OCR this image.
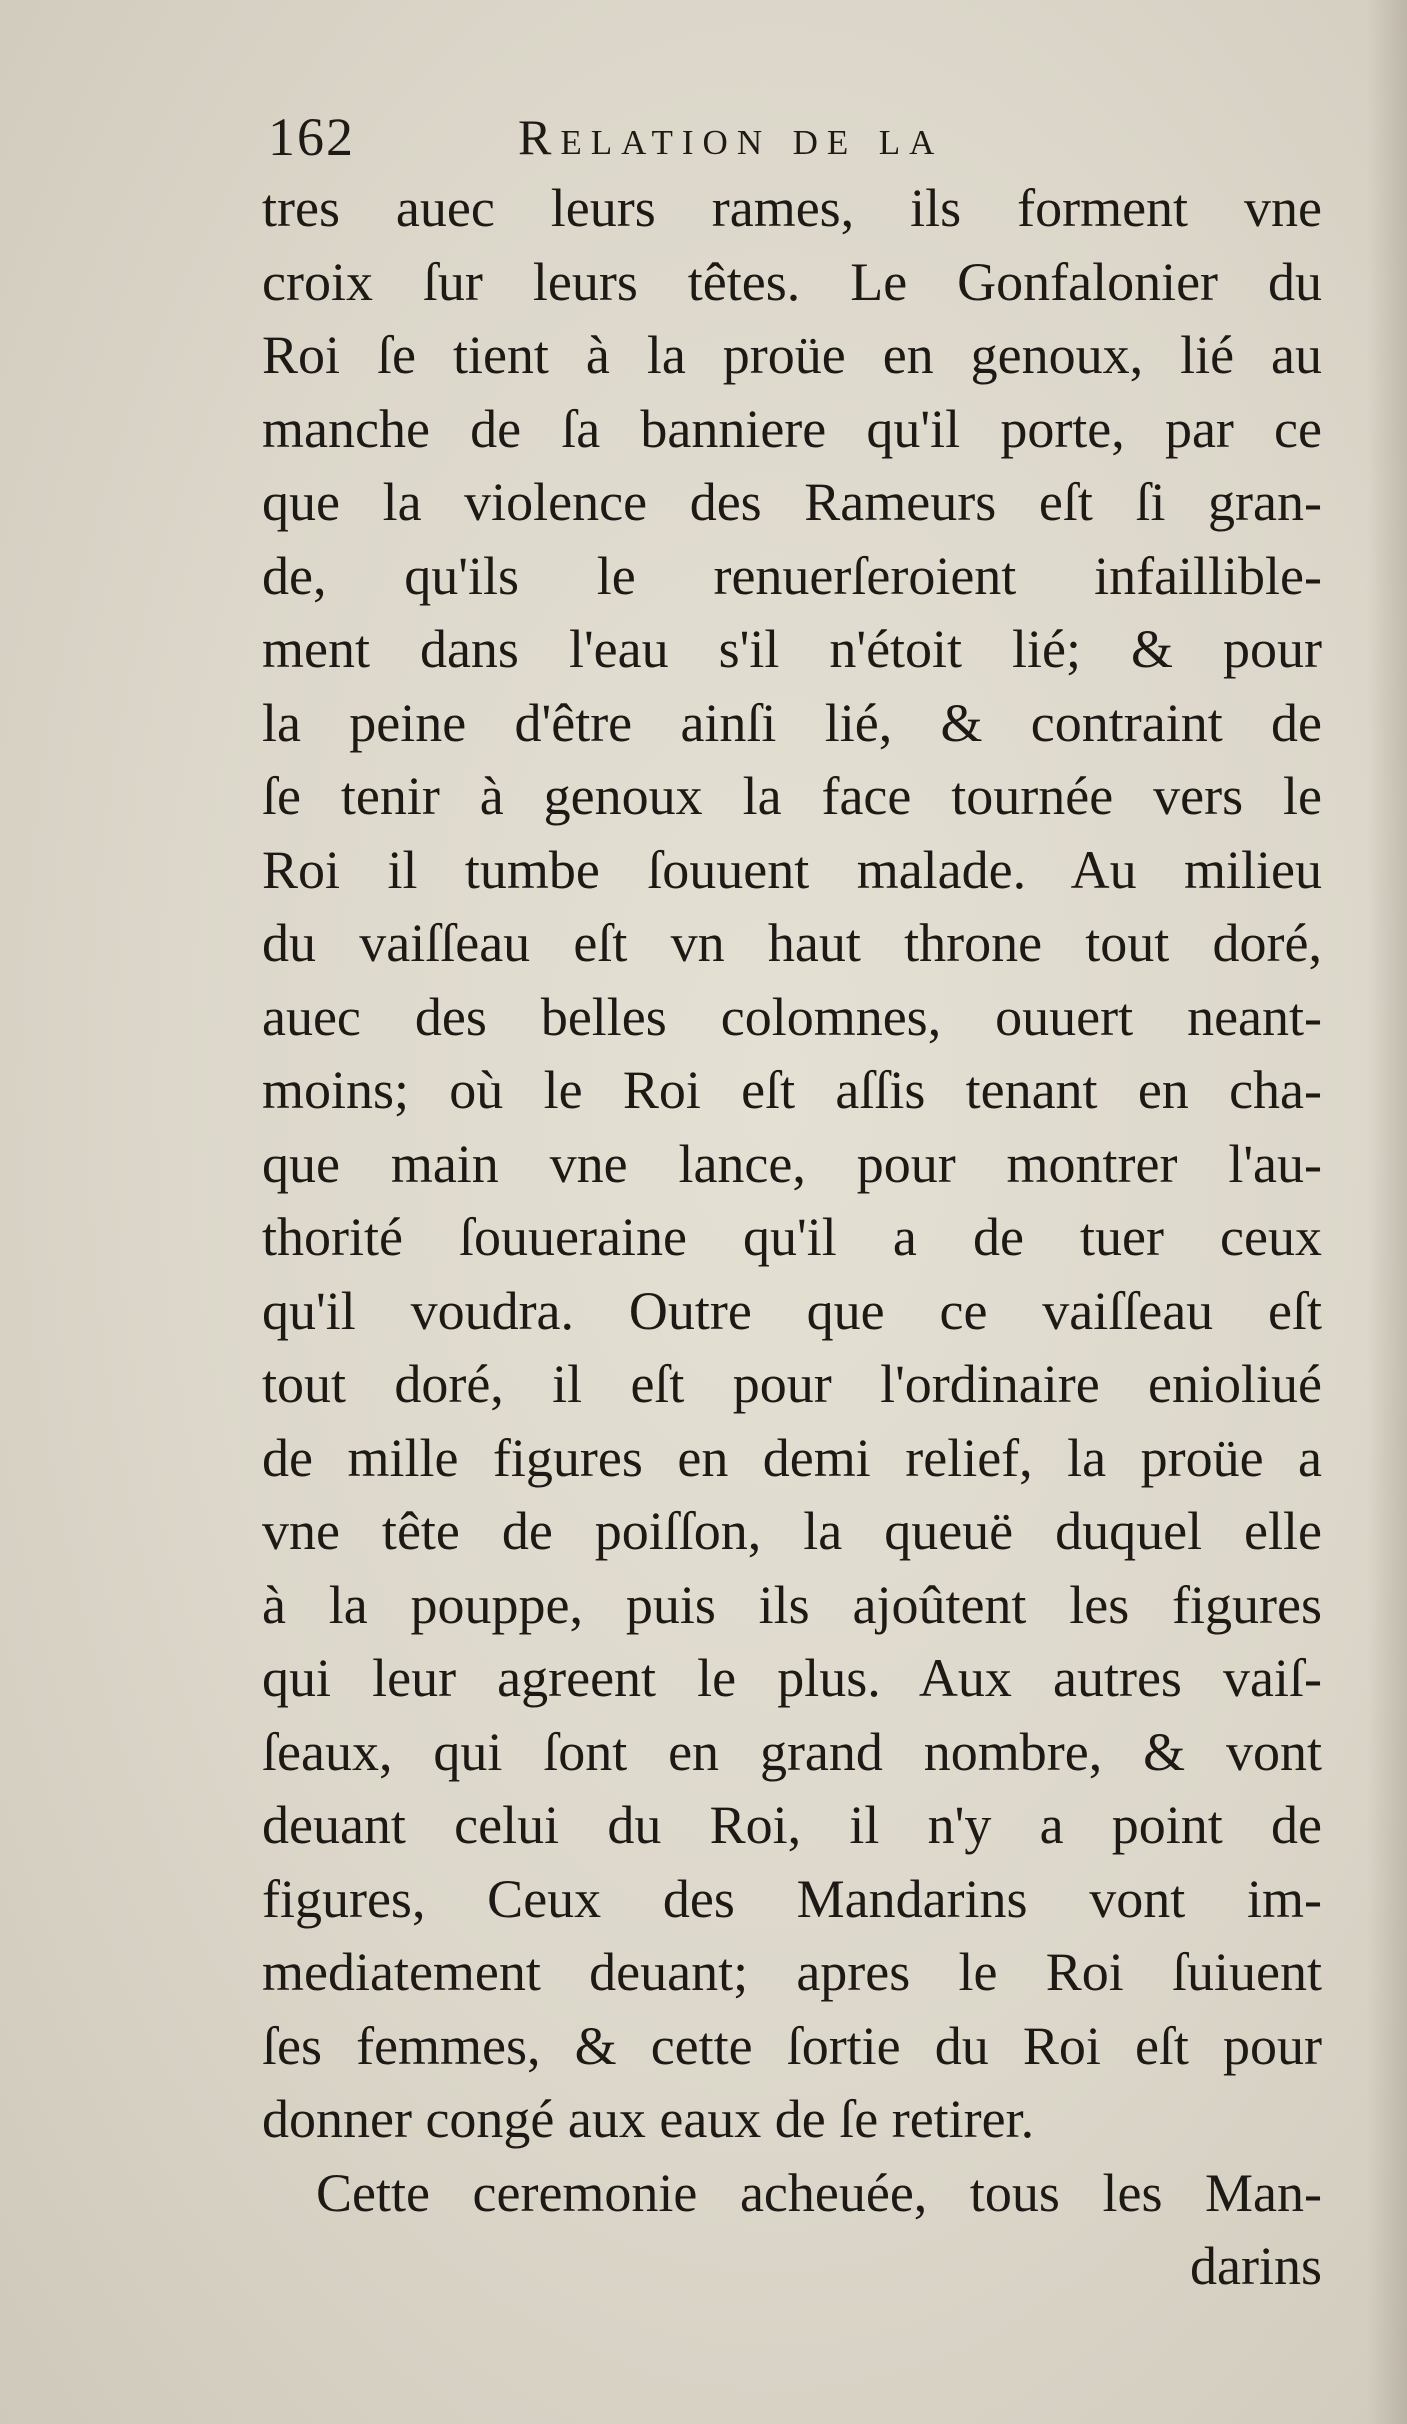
162	Relation de la
tres auec leurs rames, ils forment vne
croix ſur leurs têtes. Le Gonfalonier du
Roi ſe tient à la proüe en genoux, lié au
manche de ſa banniere qu'il porte, par ce
que la violence des Rameurs eſt ſi gran-
de, qu'ils le renuerſeroient infaillible-
ment dans l'eau s'il n'étoit lié; & pour
la peine d'être ainſi lié, & contraint de
ſe tenir à genoux la face tournée vers le
Roi il tumbe ſouuent malade. Au milieu
du vaiſſeau eſt vn haut throne tout doré,
auec des belles colomnes, ouuert neant-
moins; où le Roi eſt aſſis tenant en cha-
que main vne lance, pour montrer l'au-
thorité ſouueraine qu'il a de tuer ceux
qu'il voudra. Outre que ce vaiſſeau eſt
tout doré, il eſt pour l'ordinaire enioliué
de mille figures en demi relief, la proüe a
vne tête de poiſſon, la queuë duquel elle
à la pouppe, puis ils ajoûtent les figures
qui leur agreent le plus. Aux autres vaiſ-
ſeaux, qui ſont en grand nombre, & vont
deuant celui du Roi, il n'y a point de
figures, Ceux des Mandarins vont im-
mediatement deuant; apres le Roi ſuiuent
ſes femmes, & cette ſortie du Roi eſt pour
donner congé aux eaux de ſe retirer.
Cette ceremonie acheuée, tous les Man-
darins
